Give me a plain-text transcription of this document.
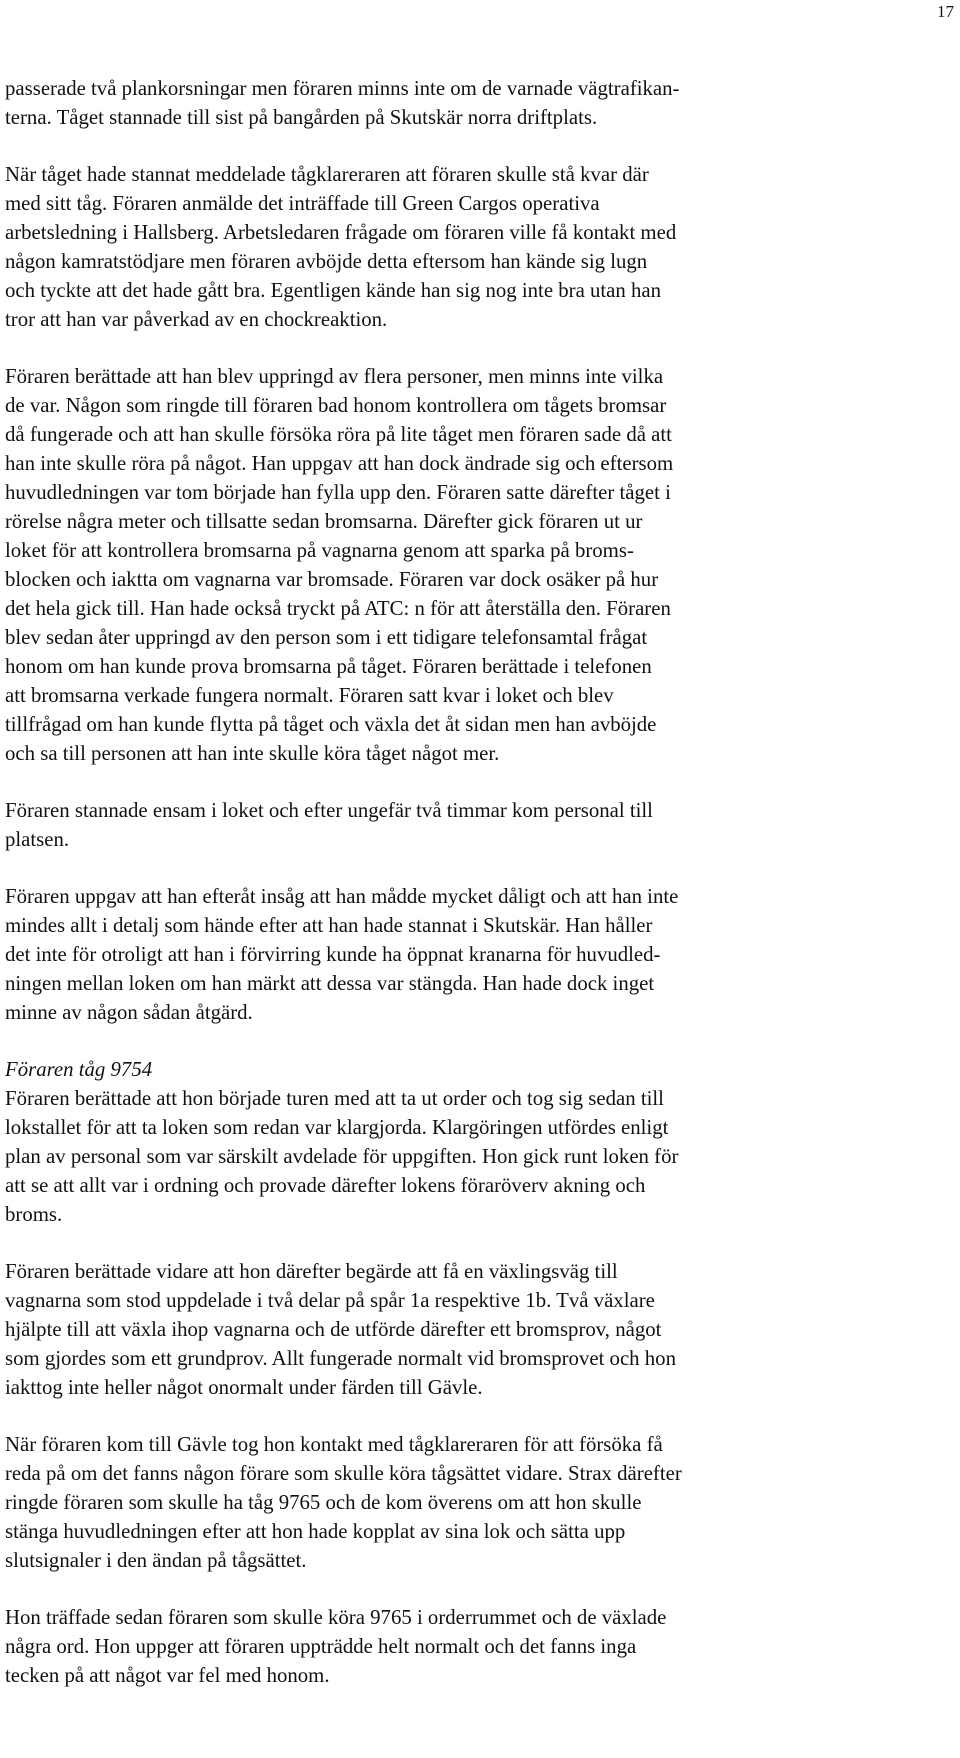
17

passerade två plankorsningar men föraren minns inte om de varnade vägtrafikan-
terna. Tåget stannade till sist på bangården på Skutskär norra driftplats.

När tåget hade stannat meddelade tågklareraren att föraren skulle stå kvar där
med sitt tåg. Föraren anmälde det inträffade till Green Cargos operativa
arbetsledning i Hallsberg. Arbetsledaren frågade om föraren ville få kontakt med
någon kamratstödjare men föraren avböjde detta eftersom han kände sig lugn
och tyckte att det hade gått bra. Egentligen kände han sig nog inte bra utan han
tror att han var påverkad av en chockreaktion.

Föraren berättade att han blev uppringd av flera personer, men minns inte vilka
de var. Någon som ringde till föraren bad honom kontrollera om tågets bromsar
då fungerade och att han skulle försöka röra på lite tåget men föraren sade då att
han inte skulle röra på något. Han uppgav att han dock ändrade sig och eftersom
huvudledningen var tom började han fylla upp den. Föraren satte därefter tåget i
rörelse några meter och tillsatte sedan bromsarna. Därefter gick föraren ut ur
loket för att kontrollera bromsarna på vagnarna genom att sparka på broms-
blocken och iaktta om vagnarna var bromsade. Föraren var dock osäker på hur
det hela gick till. Han hade också tryckt på ATC: n för att återställa den. Föraren
blev sedan åter uppringd av den person som i ett tidigare telefonsamtal frågat
honom om han kunde prova bromsarna på tåget. Föraren berättade i telefonen
att bromsarna verkade fungera normalt. Föraren satt kvar i loket och blev
tillfrågad om han kunde flytta på tåget och växla det åt sidan men han avböjde
och sa till personen att han inte skulle köra tåget något mer.

Föraren stannade ensam i loket och efter ungefär två timmar kom personal till
platsen.

Föraren uppgav att han efteråt insåg att han mådde mycket dåligt och att han inte
mindes allt i detalj som hände efter att han hade stannat i Skutskär. Han håller
det inte för otroligt att han i förvirring kunde ha öppnat kranarna för huvudled-
ningen mellan loken om han märkt att dessa var stängda. Han hade dock inget
minne av någon sådan åtgärd.

Föraren tåg 9754
Föraren berättade att hon började turen med att ta ut order och tog sig sedan till
lokstallet för att ta loken som redan var klargjorda. Klargöringen utfördes enligt
plan av personal som var särskilt avdelade för uppgiften. Hon gick runt loken för
att se att allt var i ordning och provade därefter lokens föraröverv akning och
broms.

Föraren berättade vidare att hon därefter begärde att få en växlingsväg till
vagnarna som stod uppdelade i två delar på spår 1a respektive 1b. Två växlare
hjälpte till att växla ihop vagnarna och de utförde därefter ett bromsprov, något
som gjordes som ett grundprov. Allt fungerade normalt vid bromsprovet och hon
iakttog inte heller något onormalt under färden till Gävle.

När föraren kom till Gävle tog hon kontakt med tågklareraren för att försöka få
reda på om det fanns någon förare som skulle köra tågsättet vidare. Strax därefter
ringde föraren som skulle ha tåg 9765 och de kom överens om att hon skulle
stänga huvudledningen efter att hon hade kopplat av sina lok och sätta upp
slutsignaler i den ändan på tågsättet.

Hon träffade sedan föraren som skulle köra 9765 i orderrummet och de växlade
några ord. Hon uppger att föraren uppträdde helt normalt och det fanns inga
tecken på att något var fel med honom.
